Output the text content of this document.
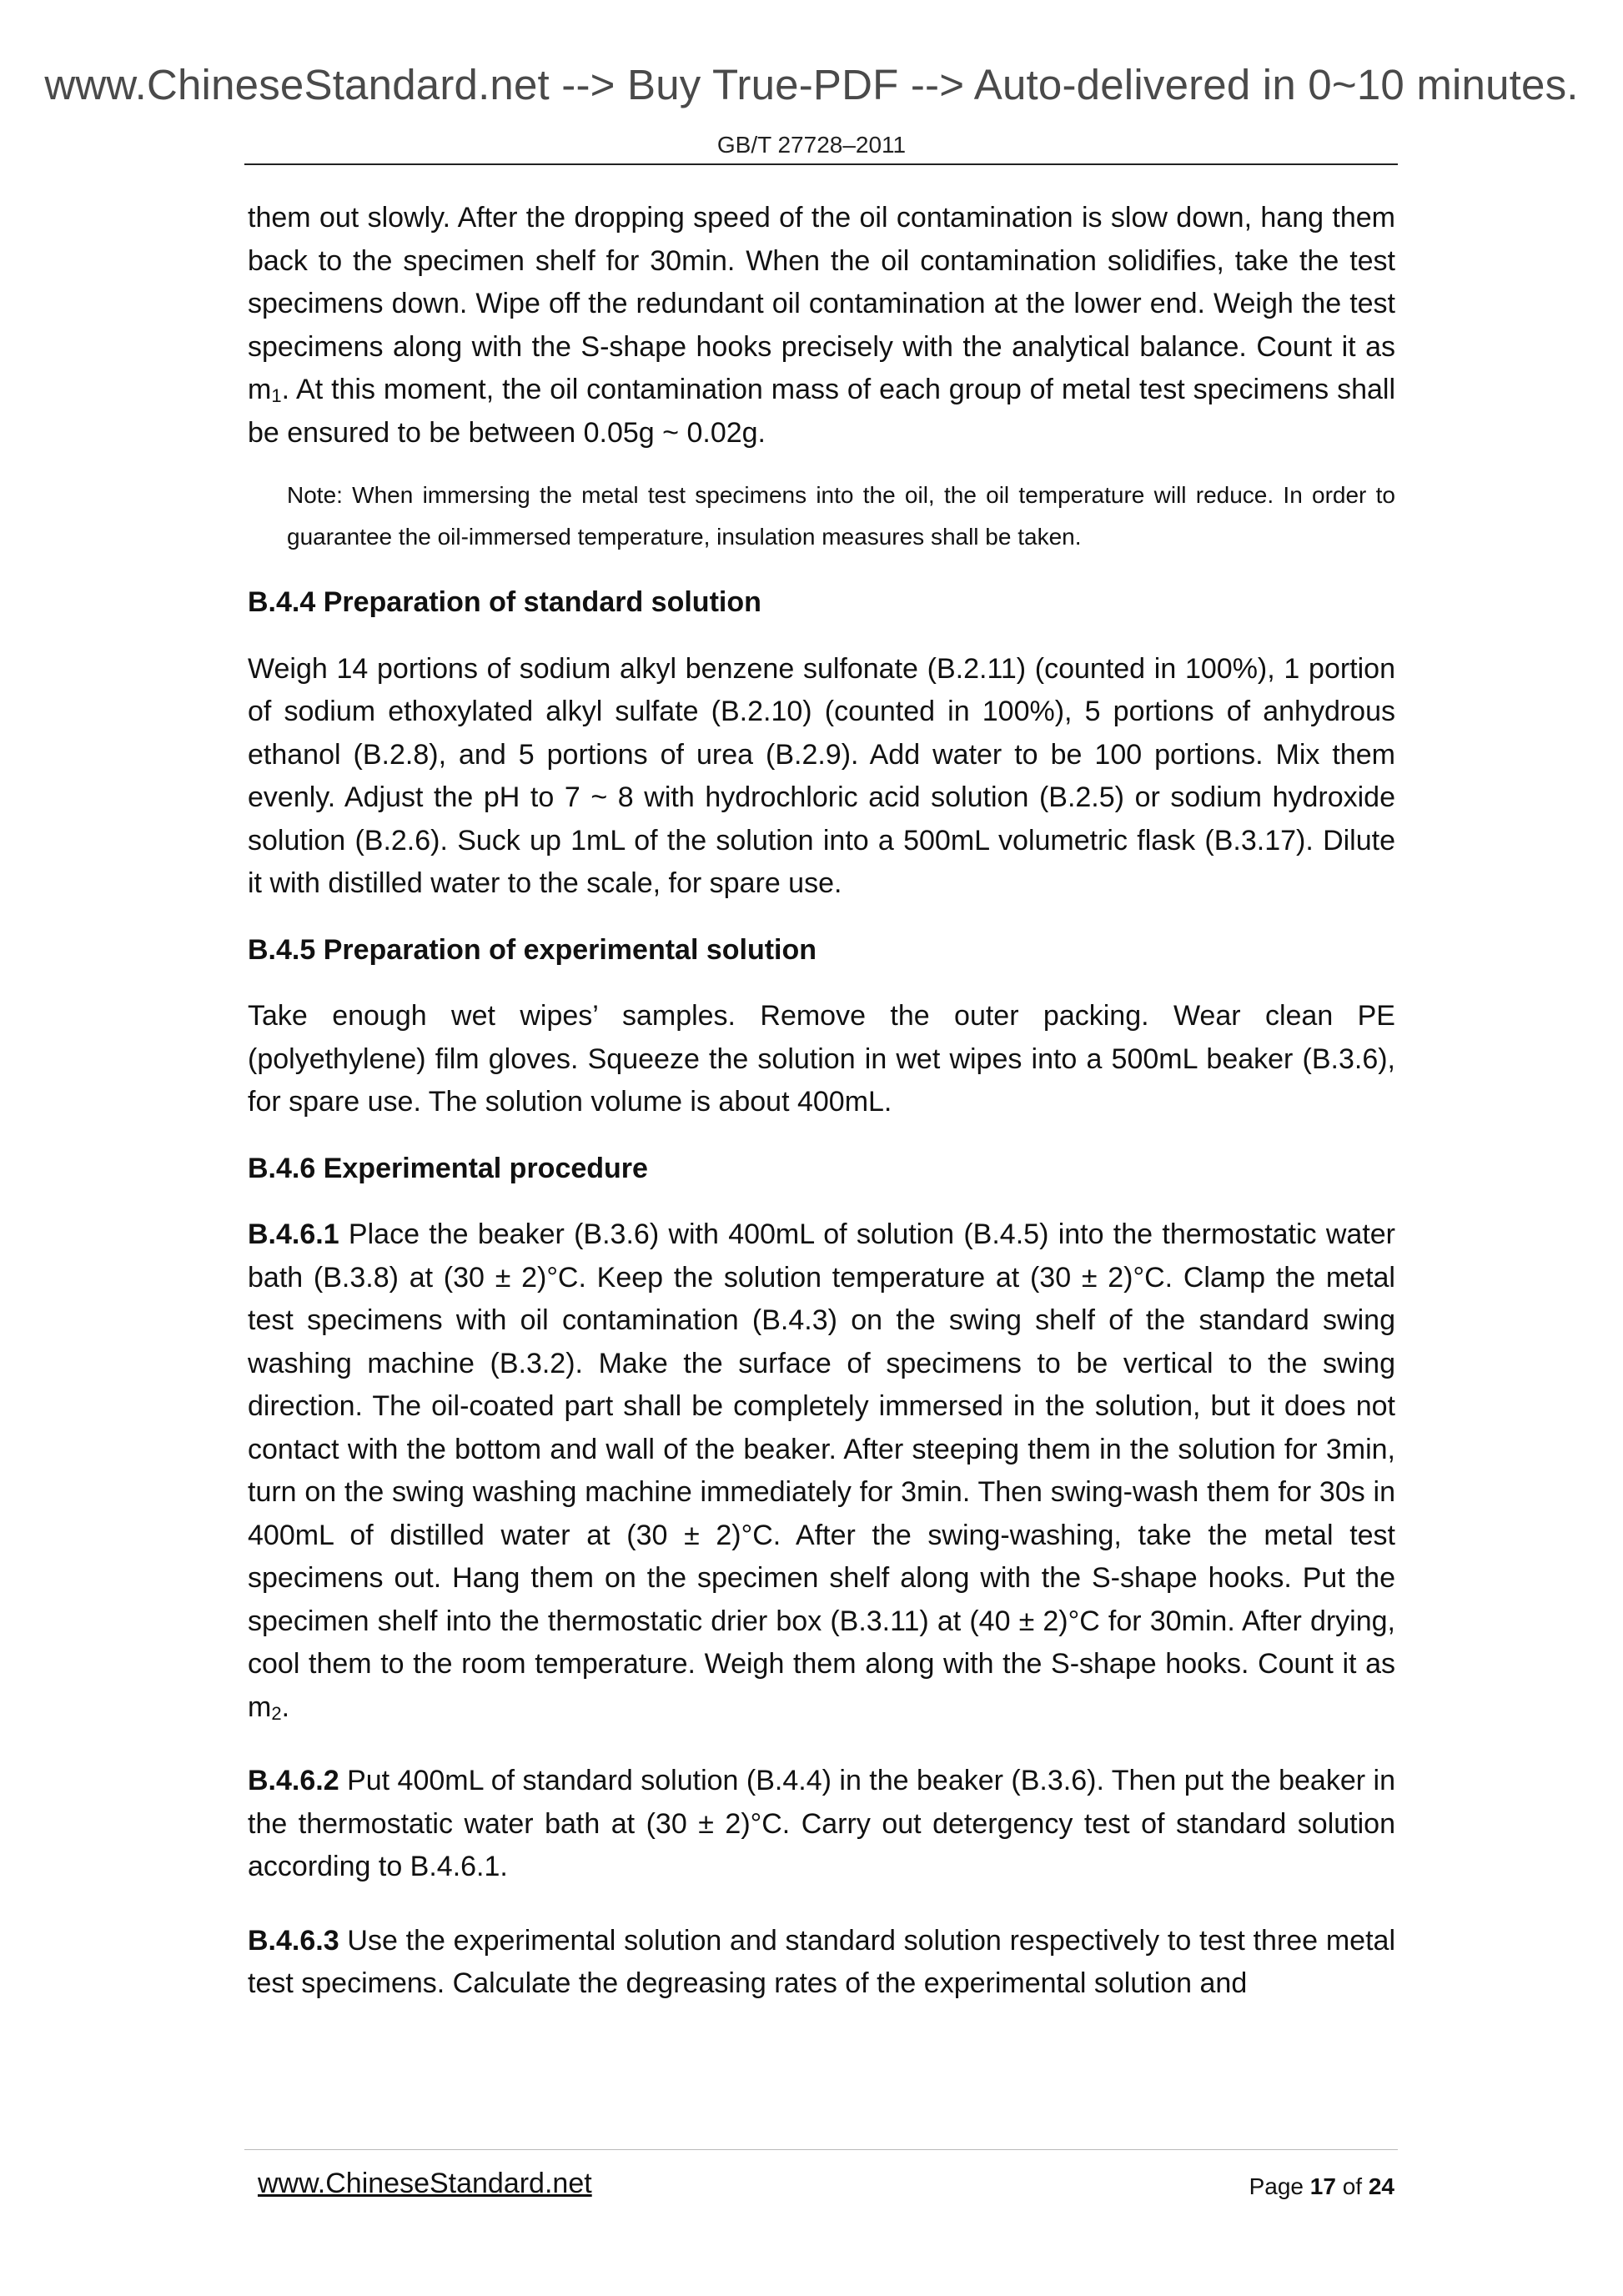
www.ChineseStandard.net --> Buy True-PDF --> Auto-delivered in 0~10 minutes.
GB/T 27728–2011

them out slowly. After the dropping speed of the oil contamination is slow down, hang them back to the specimen shelf for 30min. When the oil contamination solidifies, take the test specimens down. Wipe off the redundant oil contamination at the lower end. Weigh the test specimens along with the S-shape hooks precisely with the analytical balance. Count it as $m_1$. At this moment, the oil contamination mass of each group of metal test specimens shall be ensured to be between 0.05g ~ 0.02g.

Note: When immersing the metal test specimens into the oil, the oil temperature will reduce. In order to guarantee the oil-immersed temperature, insulation measures shall be taken.
B.4.4 Preparation of standard solution

Weigh 14 portions of sodium alkyl benzene sulfonate (B.2.11) (counted in 100%), 1 portion of sodium ethoxylated alkyl sulfate (B.2.10) (counted in 100%), 5 portions of anhydrous ethanol (B.2.8), and 5 portions of urea (B.2.9). Add water to be 100 portions. Mix them evenly. Adjust the pH to 7 ~ 8 with hydrochloric acid solution (B.2.5) or sodium hydroxide solution (B.2.6). Suck up 1mL of the solution into a 500mL volumetric flask (B.3.17). Dilute it with distilled water to the scale, for spare use.

B.4.5 Preparation of experimental solution

Take enough wet wipes’ samples. Remove the outer packing. Wear clean PE (polyethylene) film gloves. Squeeze the solution in wet wipes into a 500mL beaker (B.3.6), for spare use. The solution volume is about 400mL.

B.4.6 Experimental procedure

B.4.6.1 Place the beaker (B.3.6) with 400mL of solution (B.4.5) into the thermostatic water bath (B.3.8) at (30 ± 2)°C. Keep the solution temperature at (30 ± 2)°C. Clamp the metal test specimens with oil contamination (B.4.3) on the swing shelf of the standard swing washing machine (B.3.2). Make the surface of specimens to be vertical to the swing direction. The oil-coated part shall be completely immersed in the solution, but it does not contact with the bottom and wall of the beaker. After steeping them in the solution for 3min, turn on the swing washing machine immediately for 3min. Then swing-wash them for 30s in 400mL of distilled water at (30 ± 2)°C. After the swing-washing, take the metal test specimens out. Hang them on the specimen shelf along with the S-shape hooks. Put the specimen shelf into the thermostatic drier box (B.3.11) at (40 ± 2)°C for 30min. After drying, cool them to the room temperature. Weigh them along with the S-shape hooks. Count it as $m_2$.

B.4.6.2 Put 400mL of standard solution (B.4.4) in the beaker (B.3.6). Then put the beaker in the thermostatic water bath at (30 ± 2)°C. Carry out detergency test of standard solution according to B.4.6.1.

B.4.6.3 Use the experimental solution and standard solution respectively to test three metal test specimens. Calculate the degreasing rates of the experimental solution and

www.ChineseStandard.net	Page 17 of 24
